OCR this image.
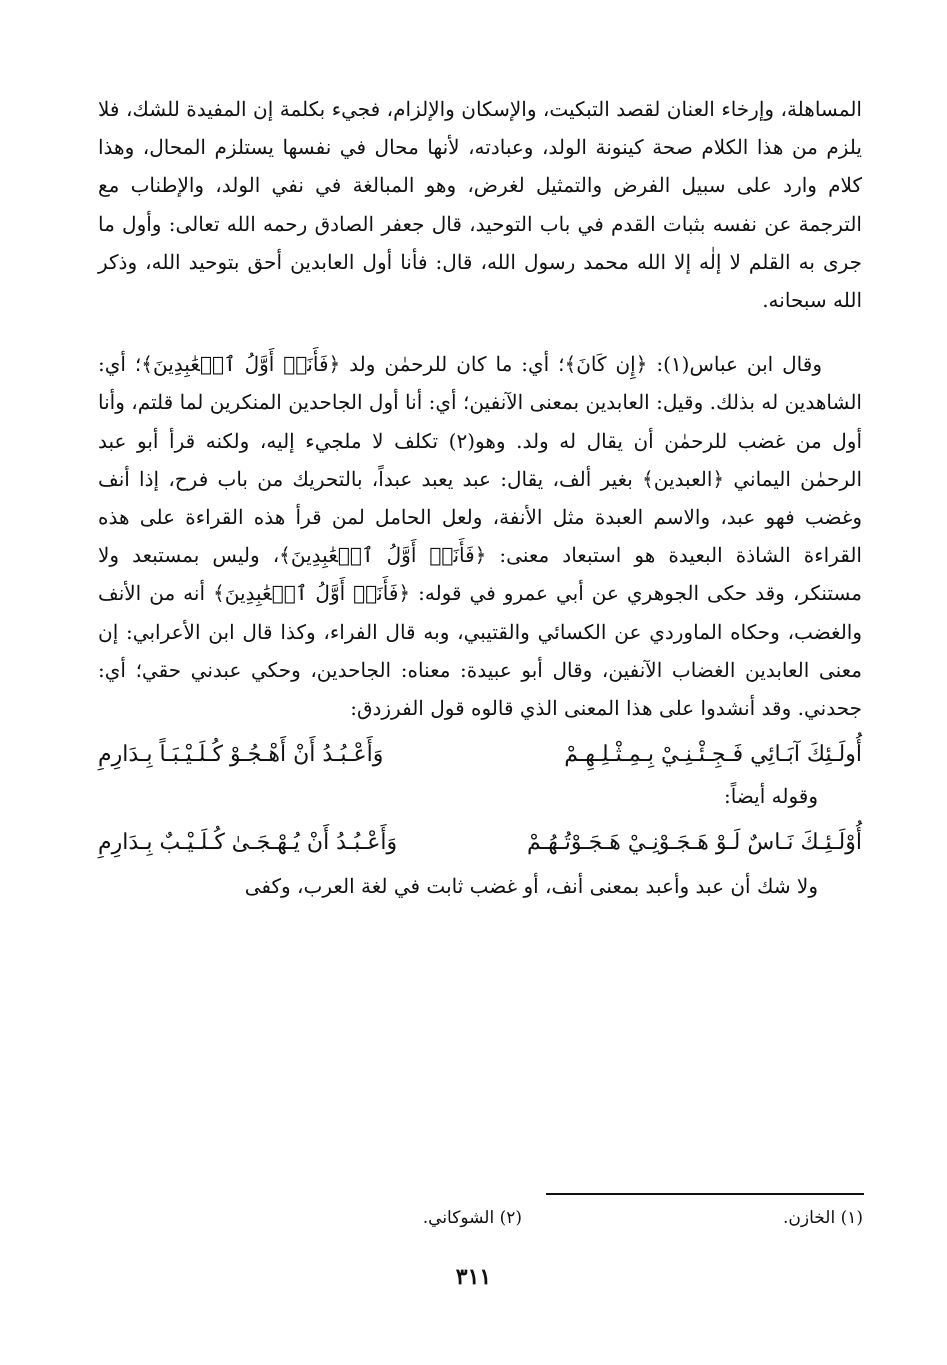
المساهلة، وإرخاء العنان لقصد التبكيت، والإسكان والإلزام، فجيء بكلمة إن المفيدة للشك، فلا يلزم من هذا الكلام صحة كينونة الولد، وعبادته، لأنها محال في نفسها يستلزم المحال، وهذا كلام وارد على سبيل الفرض والتمثيل لغرض، وهو المبالغة في نفي الولد، والإطناب مع الترجمة عن نفسه بثبات القدم في باب التوحيد، قال جعفر الصادق رحمه الله تعالى: وأول ما جرى به القلم لا إلٰه إلا الله محمد رسول الله، قال: فأنا أول العابدين أحق بتوحيد الله، وذكر الله سبحانه.

وقال ابن عباس(١): ﴿إِن كَانَ﴾؛ أي: ما كان للرحمٰن ولد ﴿فَأَنَا۠ أَوَّلُ ٱلۡعَٰبِدِينَ﴾؛ أي: الشاهدين له بذلك. وقيل: العابدين بمعنى الآنفين؛ أي: أنا أول الجاحدين المنكرين لما قلتم، وأنا أول من غضب للرحمٰن أن يقال له ولد. وهو(٢) تكلف لا ملجيء إليه، ولكنه قرأ أبو عبد الرحمٰن اليماني ﴿العبدين﴾ بغير ألف، يقال: عبد يعبد عبداً، بالتحريك من باب فرح، إذا أنف وغضب فهو عبد، والاسم العبدة مثل الأنفة، ولعل الحامل لمن قرأ هذه القراءة على هذه القراءة الشاذة البعيدة هو استبعاد معنى: ﴿فَأَنَا۠ أَوَّلُ ٱلۡعَٰبِدِينَ﴾، وليس بمستبعد ولا مستنكر، وقد حكى الجوهري عن أبي عمرو في قوله: ﴿فَأَنَا۠ أَوَّلُ ٱلۡعَٰبِدِينَ﴾ أنه من الأنف والغضب، وحكاه الماوردي عن الكسائي والقتيبي، وبه قال الفراء، وكذا قال ابن الأعرابي: إن معنى العابدين الغضاب الآنفين، وقال أبو عبيدة: معناه: الجاحدين، وحكي عبدني حقي؛ أي: جحدني. وقد أنشدوا على هذا المعنى الذي قالوه قول الفرزدق:

أُولَـئِكَ آبَـائِي فَـجِـئْـنِـيْ بِـمِـثْـلِـهِـمْ
وَأَعْـبُـدُ أَنْ أَهْـجُـوْ كُـلَـيْـبَـاً بِـدَارِمِ

وقوله أيضاً:

أُوْلَـئِـكَ نَـاسٌ لَـوْ هَـجَـوْنِـيْ هَـجَـوْتُـهُـمْ
وَأَعْـبُـدُ أَنْ يُـهْـجَـىٰ كُـلَـيْـبٌ بِـدَارِمِ

ولا شك أن عبد وأعبد بمعنى أنف، أو غضب ثابت في لغة العرب، وكفى

(١) الخازن.
(٢) الشوكاني.
٣١١
